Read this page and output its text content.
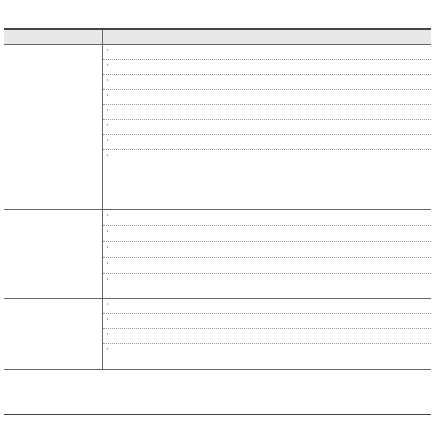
·
·
·
·
·
·
·
·

·
·
·
·
·

·
·
·
·
